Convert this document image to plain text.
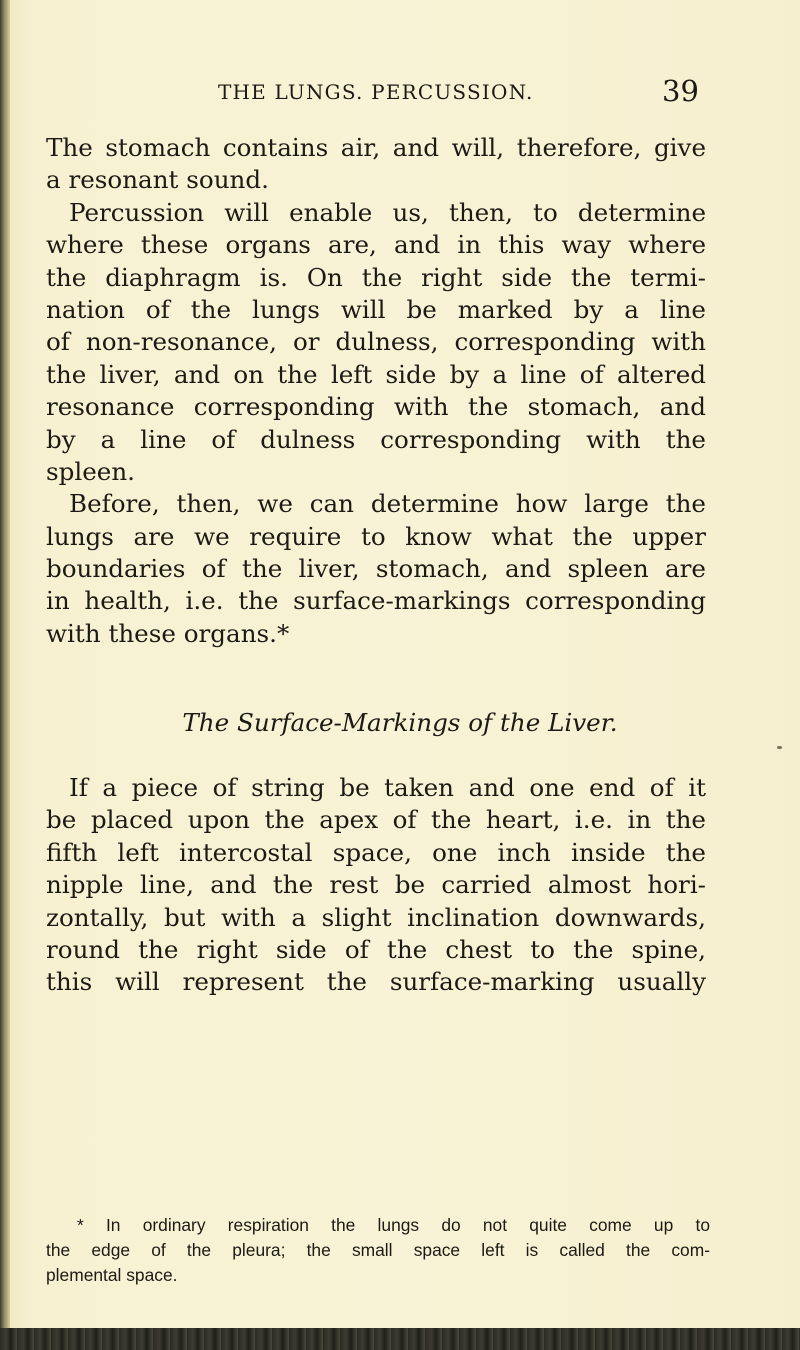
THE LUNGS. PERCUSSION.	39
The stomach contains air, and will, therefore, give
a resonant sound.
Percussion will enable us, then, to determine
where these organs are, and in this way where
the diaphragm is. On the right side the termi-
nation of the lungs will be marked by a line
of non-resonance, or dulness, corresponding with
the liver, and on the left side by a line of altered
resonance corresponding with the stomach, and
by a line of dulness corresponding with the
spleen.
Before, then, we can determine how large the
lungs are we require to know what the upper
boundaries of the liver, stomach, and spleen are
in health, i.e. the surface-markings corresponding
with these organs.*
The Surface-Markings of the Liver.
If a piece of string be taken and one end of it
be placed upon the apex of the heart, i.e. in the
fifth left intercostal space, one inch inside the
nipple line, and the rest be carried almost hori-
zontally, but with a slight inclination downwards,
round the right side of the chest to the spine,
this will represent the surface-marking usually
* In ordinary respiration the lungs do not quite come up to
the edge of the pleura; the small space left is called the com-
plemental space.
